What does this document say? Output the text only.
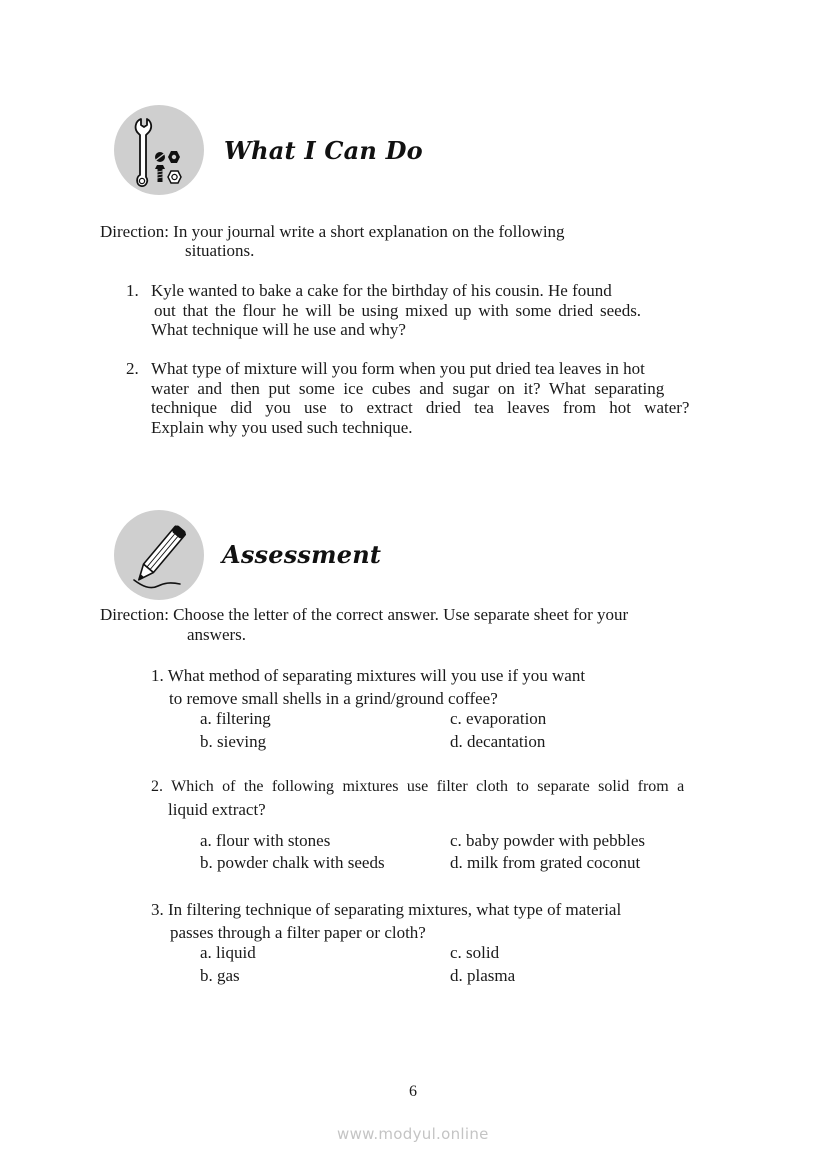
What I Can Do
Direction: In your journal write a short explanation on the following
situations.
1. Kyle wanted to bake a cake for the birthday of his cousin. He found
out that the flour he will be using mixed up with some dried seeds.
What technique will he use and why?
2. What type of mixture will you form when you put dried tea leaves in hot
water and then put some ice cubes and sugar on it? What separating
technique did you use to extract dried tea leaves from hot water?
Explain why you used such technique.
Assessment
Direction: Choose the letter of the correct answer. Use separate sheet for your
answers.
1. What method of separating mixtures will you use if you want
to remove small shells in a grind/ground coffee?
a. filtering	c. evaporation
b. sieving	d. decantation
2. Which of the following mixtures use filter cloth to separate solid from a
liquid extract?
a. flour with stones	c. baby powder with pebbles
b. powder chalk with seeds	d. milk from grated coconut
3. In filtering technique of separating mixtures, what type of material
passes through a filter paper or cloth?
a. liquid	c. solid
b. gas	d. plasma
6
www.modyul.online
